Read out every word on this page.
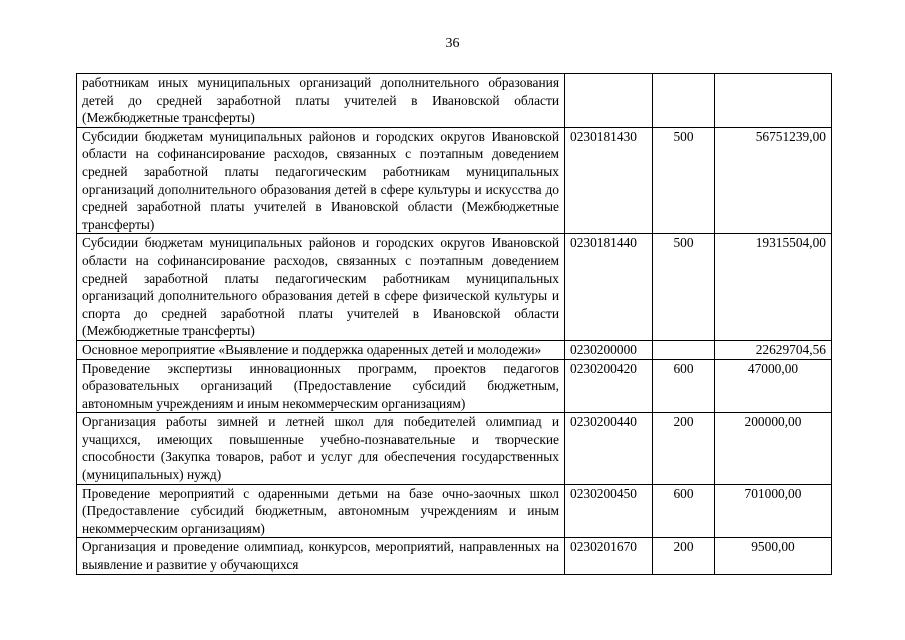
36
работникам иных муниципальных организаций дополнительного образования детей до средней заработной платы учителей в Ивановской области (Межбюджетные трансферты)			
Субсидии бюджетам муниципальных районов и городских округов Ивановской области на софинансирование расходов, связанных с поэтапным доведением средней заработной платы педагогическим работникам муниципальных организаций дополнительного образования детей в сфере культуры и искусства до средней заработной платы учителей в Ивановской области (Межбюджетные трансферты)	0230181430	500	56751239,00
Субсидии бюджетам муниципальных районов и городских округов Ивановской области на софинансирование расходов, связанных с поэтапным доведением средней заработной платы педагогическим работникам муниципальных организаций дополнительного образования детей в сфере физической культуры и спорта до средней заработной платы учителей в Ивановской области (Межбюджетные трансферты)	0230181440	500	19315504,00
Основное мероприятие «Выявление и поддержка одаренных детей и молодежи»	0230200000		22629704,56
Проведение экспертизы инновационных программ, проектов педагогов образовательных организаций (Предоставление субсидий бюджетным, автономным учреждениям и иным некоммерческим организациям)	0230200420	600	47000,00
Организация работы зимней и летней школ для победителей олимпиад и учащихся, имеющих повышенные учебно-познавательные и творческие способности (Закупка товаров, работ и услуг для обеспечения государственных (муниципальных) нужд)	0230200440	200	200000,00
Проведение мероприятий с одаренными детьми на базе очно-заочных школ (Предоставление субсидий бюджетным, автономным учреждениям и иным некоммерческим организациям)	0230200450	600	701000,00
Организация и проведение олимпиад, конкурсов, мероприятий, направленных на выявление и развитие у обучающихся	0230201670	200	9500,00
